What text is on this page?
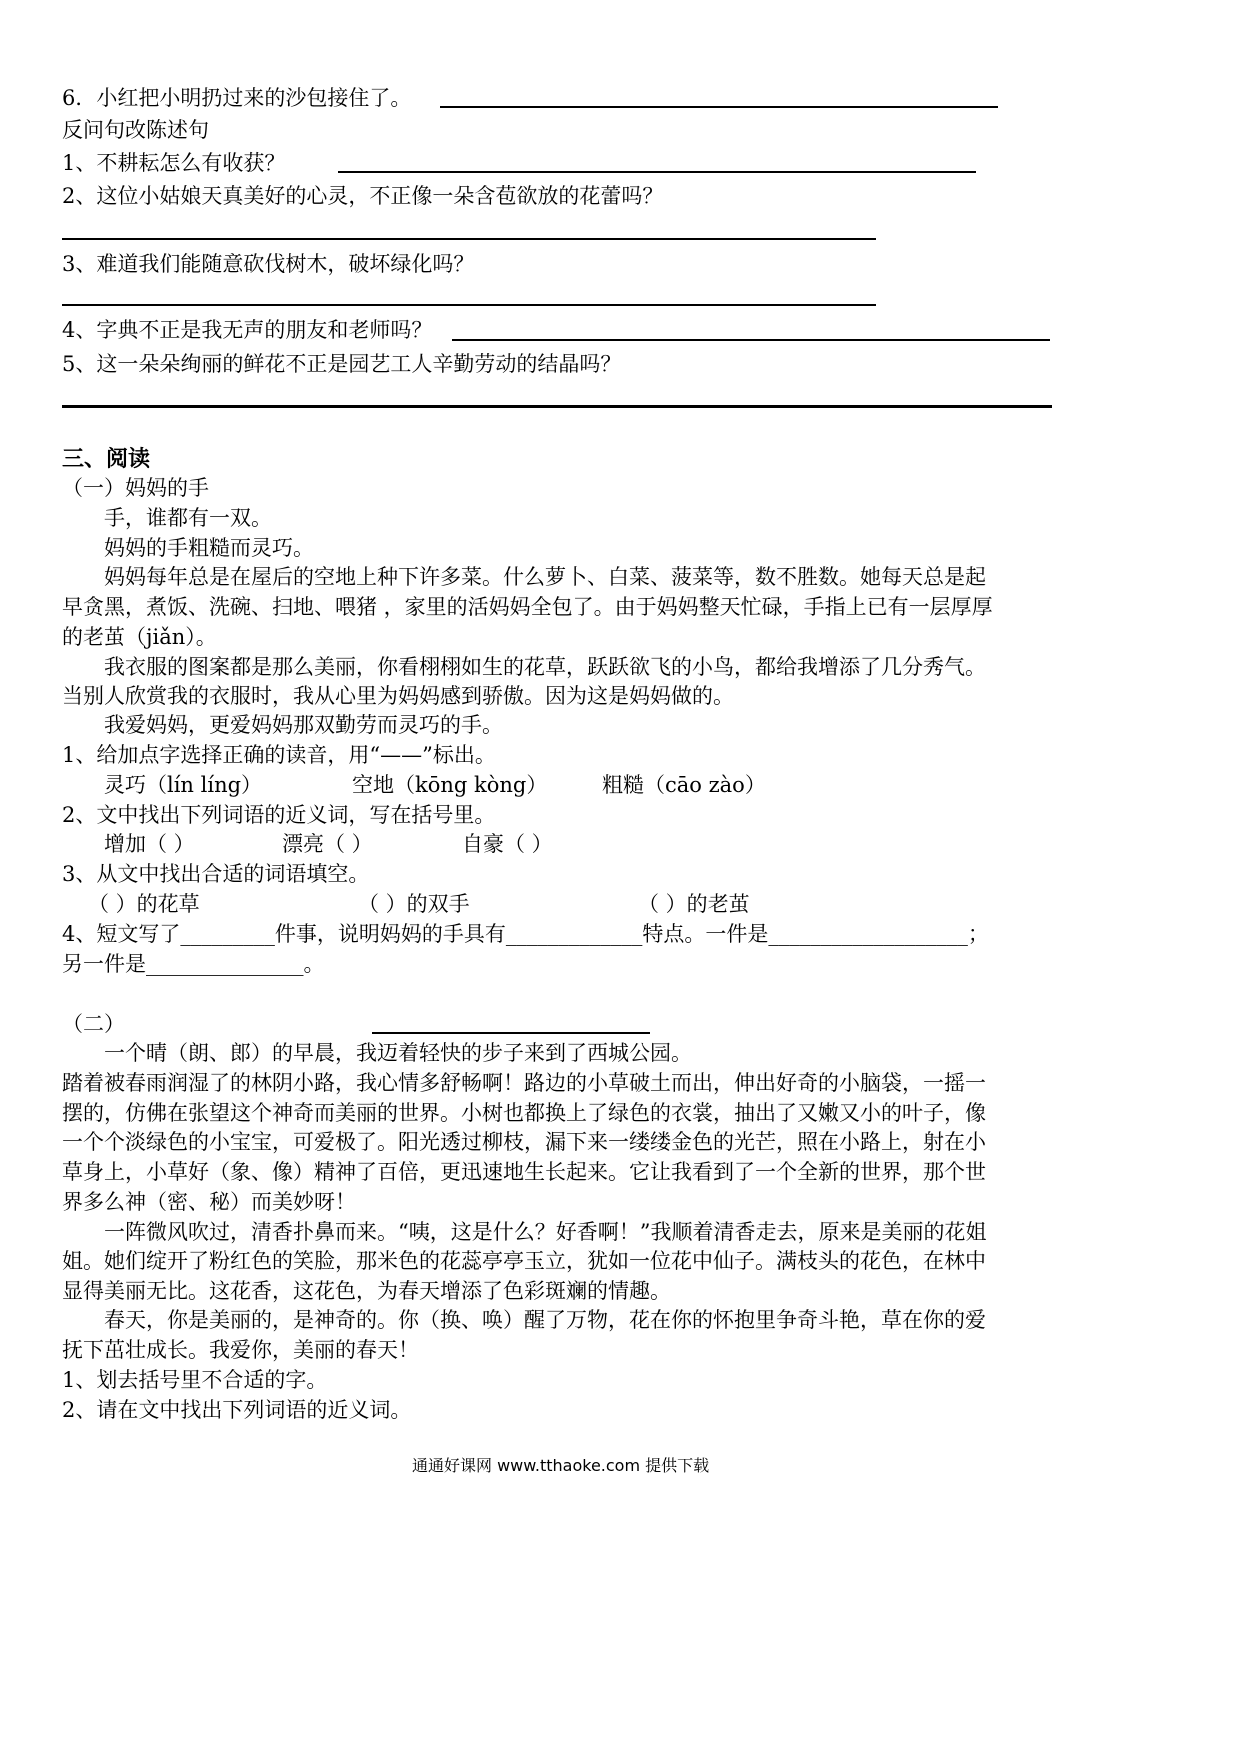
6．小红把小明扔过来的沙包接住了。
反问句改陈述句
1、不耕耘怎么有收获？
2、这位小姑娘天真美好的心灵，不正像一朵含苞欲放的花蕾吗？
3、难道我们能随意砍伐树木，破坏绿化吗？
4、字典不正是我无声的朋友和老师吗？
5、这一朵朵绚丽的鲜花不正是园艺工人辛勤劳动的结晶吗？
三、阅读
（一）妈妈的手
手，谁都有一双。
妈妈的手粗糙而灵巧。
妈妈每年总是在屋后的空地上种下许多菜。什么萝卜、白菜、菠菜等，数不胜数。她每天总是起
早贪黑，煮饭、洗碗、扫地、喂猪 ，家里的活妈妈全包了。由于妈妈整天忙碌，手指上已有一层厚厚
的老茧（jiǎn）。
我衣服的图案都是那么美丽，你看栩栩如生的花草，跃跃欲飞的小鸟，都给我增添了几分秀气。
当别人欣赏我的衣服时，我从心里为妈妈感到骄傲。因为这是妈妈做的。
我爱妈妈，更爱妈妈那双勤劳而灵巧的手。
1、给加点字选择正确的读音，用“——”标出。
灵巧（lín líng）	空地（kōng kòng）	粗糙（cāo zào）
2、文中找出下列词语的近义词，写在括号里。
增加（ ）	漂亮（ ）	自豪（ ）
3、从文中找出合适的词语填空。
（ ）的花草	（ ）的双手	（ ）的老茧
4、短文写了_________件事，说明妈妈的手具有_____________特点。一件是___________________；
另一件是_______________。
（二）
一个晴（朗、郎）的早晨，我迈着轻快的步子来到了西城公园。
踏着被春雨润湿了的林阴小路，我心情多舒畅啊！路边的小草破土而出，伸出好奇的小脑袋，一摇一
摆的，仿佛在张望这个神奇而美丽的世界。小树也都换上了绿色的衣裳，抽出了又嫩又小的叶子，像
一个个淡绿色的小宝宝，可爱极了。阳光透过柳枝，漏下来一缕缕金色的光芒，照在小路上，射在小
草身上，小草好（象、像）精神了百倍，更迅速地生长起来。它让我看到了一个全新的世界，那个世
界多么神（密、秘）而美妙呀！
一阵微风吹过，清香扑鼻而来。“咦，这是什么？好香啊！”我顺着清香走去，原来是美丽的花姐
姐。她们绽开了粉红色的笑脸，那米色的花蕊亭亭玉立，犹如一位花中仙子。满枝头的花色，在林中
显得美丽无比。这花香，这花色，为春天增添了色彩斑斓的情趣。
春天，你是美丽的，是神奇的。你（换、唤）醒了万物，花在你的怀抱里争奇斗艳，草在你的爱
抚下茁壮成长。我爱你，美丽的春天！
1、划去括号里不合适的字。
2、请在文中找出下列词语的近义词。
通通好课网 www.tthaoke.com 提供下载
